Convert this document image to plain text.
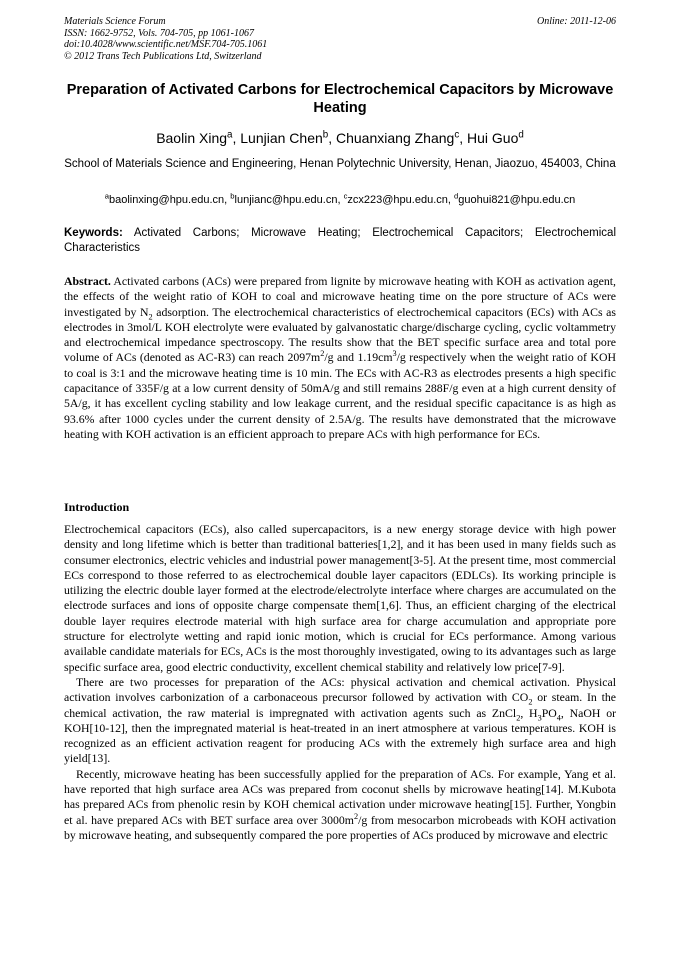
Materials Science Forum
ISSN: 1662-9752, Vols. 704-705, pp 1061-1067
doi:10.4028/www.scientific.net/MSF.704-705.1061
© 2012 Trans Tech Publications Ltd, Switzerland
Online: 2011-12-06
Preparation of Activated Carbons for Electrochemical Capacitors by Microwave Heating
Baolin Xing$^a$, Lunjian Chen$^b$, Chuanxiang Zhang$^c$, Hui Guo$^d$
School of Materials Science and Engineering, Henan Polytechnic University, Henan, Jiaozuo, 454003, China
$^a$baolinxing@hpu.edu.cn, $^b$lunjianc@hpu.edu.cn, $^c$zcx223@hpu.edu.cn, $^d$guohui821@hpu.edu.cn
Keywords: Activated Carbons; Microwave Heating; Electrochemical Capacitors; Electrochemical Characteristics
Abstract. Activated carbons (ACs) were prepared from lignite by microwave heating with KOH as activation agent, the effects of the weight ratio of KOH to coal and microwave heating time on the pore structure of ACs were investigated by $N_2$ adsorption. The electrochemical characteristics of electrochemical capacitors (ECs) with ACs as electrodes in 3mol/L KOH electrolyte were evaluated by galvanostatic charge/discharge cycling, cyclic voltammetry and electrochemical impedance spectroscopy. The results show that the BET specific surface area and total pore volume of ACs (denoted as AC-R3) can reach $2097m^2/g$ and $1.19cm^3/g$ respectively when the weight ratio of KOH to coal is 3:1 and the microwave heating time is 10 min. The ECs with AC-R3 as electrodes presents a high specific capacitance of 335F/g at a low current density of 50mA/g and still remains 288F/g even at a high current density of 5A/g, it has excellent cycling stability and low leakage current, and the residual specific capacitance is as high as 93.6% after 1000 cycles under the current density of 2.5A/g. The results have demonstrated that the microwave heating with KOH activation is an efficient approach to prepare ACs with high performance for ECs.
Introduction

Electrochemical capacitors (ECs), also called supercapacitors, is a new energy storage device with high power density and long lifetime which is better than traditional batteries[1,2], and it has been used in many fields such as consumer electronics, electric vehicles and industrial power management[3-5]. At the present time, most commercial ECs correspond to those referred to as electrochemical double layer capacitors (EDLCs). Its working principle is utilizing the electric double layer formed at the electrode/electrolyte interface where charges are accumulated on the electrode surfaces and ions of opposite charge compensate them[1,6]. Thus, an efficient charging of the electrical double layer requires electrode material with high surface area for charge accumulation and appropriate pore structure for electrolyte wetting and rapid ionic motion, which is crucial for ECs performance. Among various available candidate materials for ECs, ACs is the most thoroughly investigated, owing to its advantages such as large specific surface area, good electric conductivity, excellent chemical stability and relatively low price[7-9].

There are two processes for preparation of the ACs: physical activation and chemical activation. Physical activation involves carbonization of a carbonaceous precursor followed by activation with $CO_2$ or steam. In the chemical activation, the raw material is impregnated with activation agents such as ZnCl$_2$, $H_3PO_4$, NaOH or KOH[10-12], then the impregnated material is heat-treated in an inert atmosphere at various temperatures. KOH is recognized as an efficient activation reagent for producing ACs with the extremely high surface area and high yield[13].

Recently, microwave heating has been successfully applied for the preparation of ACs. For example, Yang et al. have reported that high surface area ACs was prepared from coconut shells by microwave heating[14]. M.Kubota has prepared ACs from phenolic resin by KOH chemical activation under microwave heating[15]. Further, Yongbin et al. have prepared ACs with BET surface area over $3000m^2/g$ from mesocarbon microbeads with KOH activation by microwave heating, and subsequently compared the pore properties of ACs produced by microwave and electric
